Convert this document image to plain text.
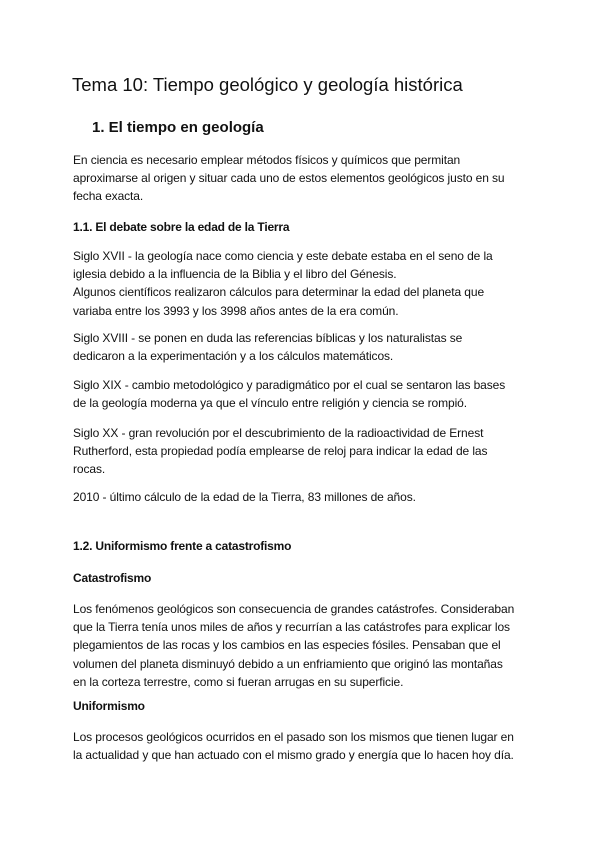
Tema 10: Tiempo geológico y geología histórica
1. El tiempo en geología
En ciencia es necesario emplear métodos físicos y químicos que permitan
aproximarse al origen y situar cada uno de estos elementos geológicos justo en su
fecha exacta.
1.1. El debate sobre la edad de la Tierra
Siglo XVII - la geología nace como ciencia y este debate estaba en el seno de la
iglesia debido a la influencia de la Biblia y el libro del Génesis.
Algunos científicos realizaron cálculos para determinar la edad del planeta que
variaba entre los 3993 y los 3998 años antes de la era común.
Siglo XVIII - se ponen en duda las referencias bíblicas y los naturalistas se
dedicaron a la experimentación y a los cálculos matemáticos.
Siglo XIX - cambio metodológico y paradigmático por el cual se sentaron las bases
de la geología moderna ya que el vínculo entre religión y ciencia se rompió.
Siglo XX - gran revolución por el descubrimiento de la radioactividad de Ernest
Rutherford, esta propiedad podía emplearse de reloj para indicar la edad de las
rocas.
2010 - último cálculo de la edad de la Tierra, 83 millones de años.
1.2. Uniformismo frente a catastrofismo
Catastrofismo
Los fenómenos geológicos son consecuencia de grandes catástrofes. Consideraban
que la Tierra tenía unos miles de años y recurrían a las catástrofes para explicar los
plegamientos de las rocas y los cambios en las especies fósiles. Pensaban que el
volumen del planeta disminuyó debido a un enfriamiento que originó las montañas
en la corteza terrestre, como si fueran arrugas en su superficie.
Uniformismo
Los procesos geológicos ocurridos en el pasado son los mismos que tienen lugar en
la actualidad y que han actuado con el mismo grado y energía que lo hacen hoy día.
